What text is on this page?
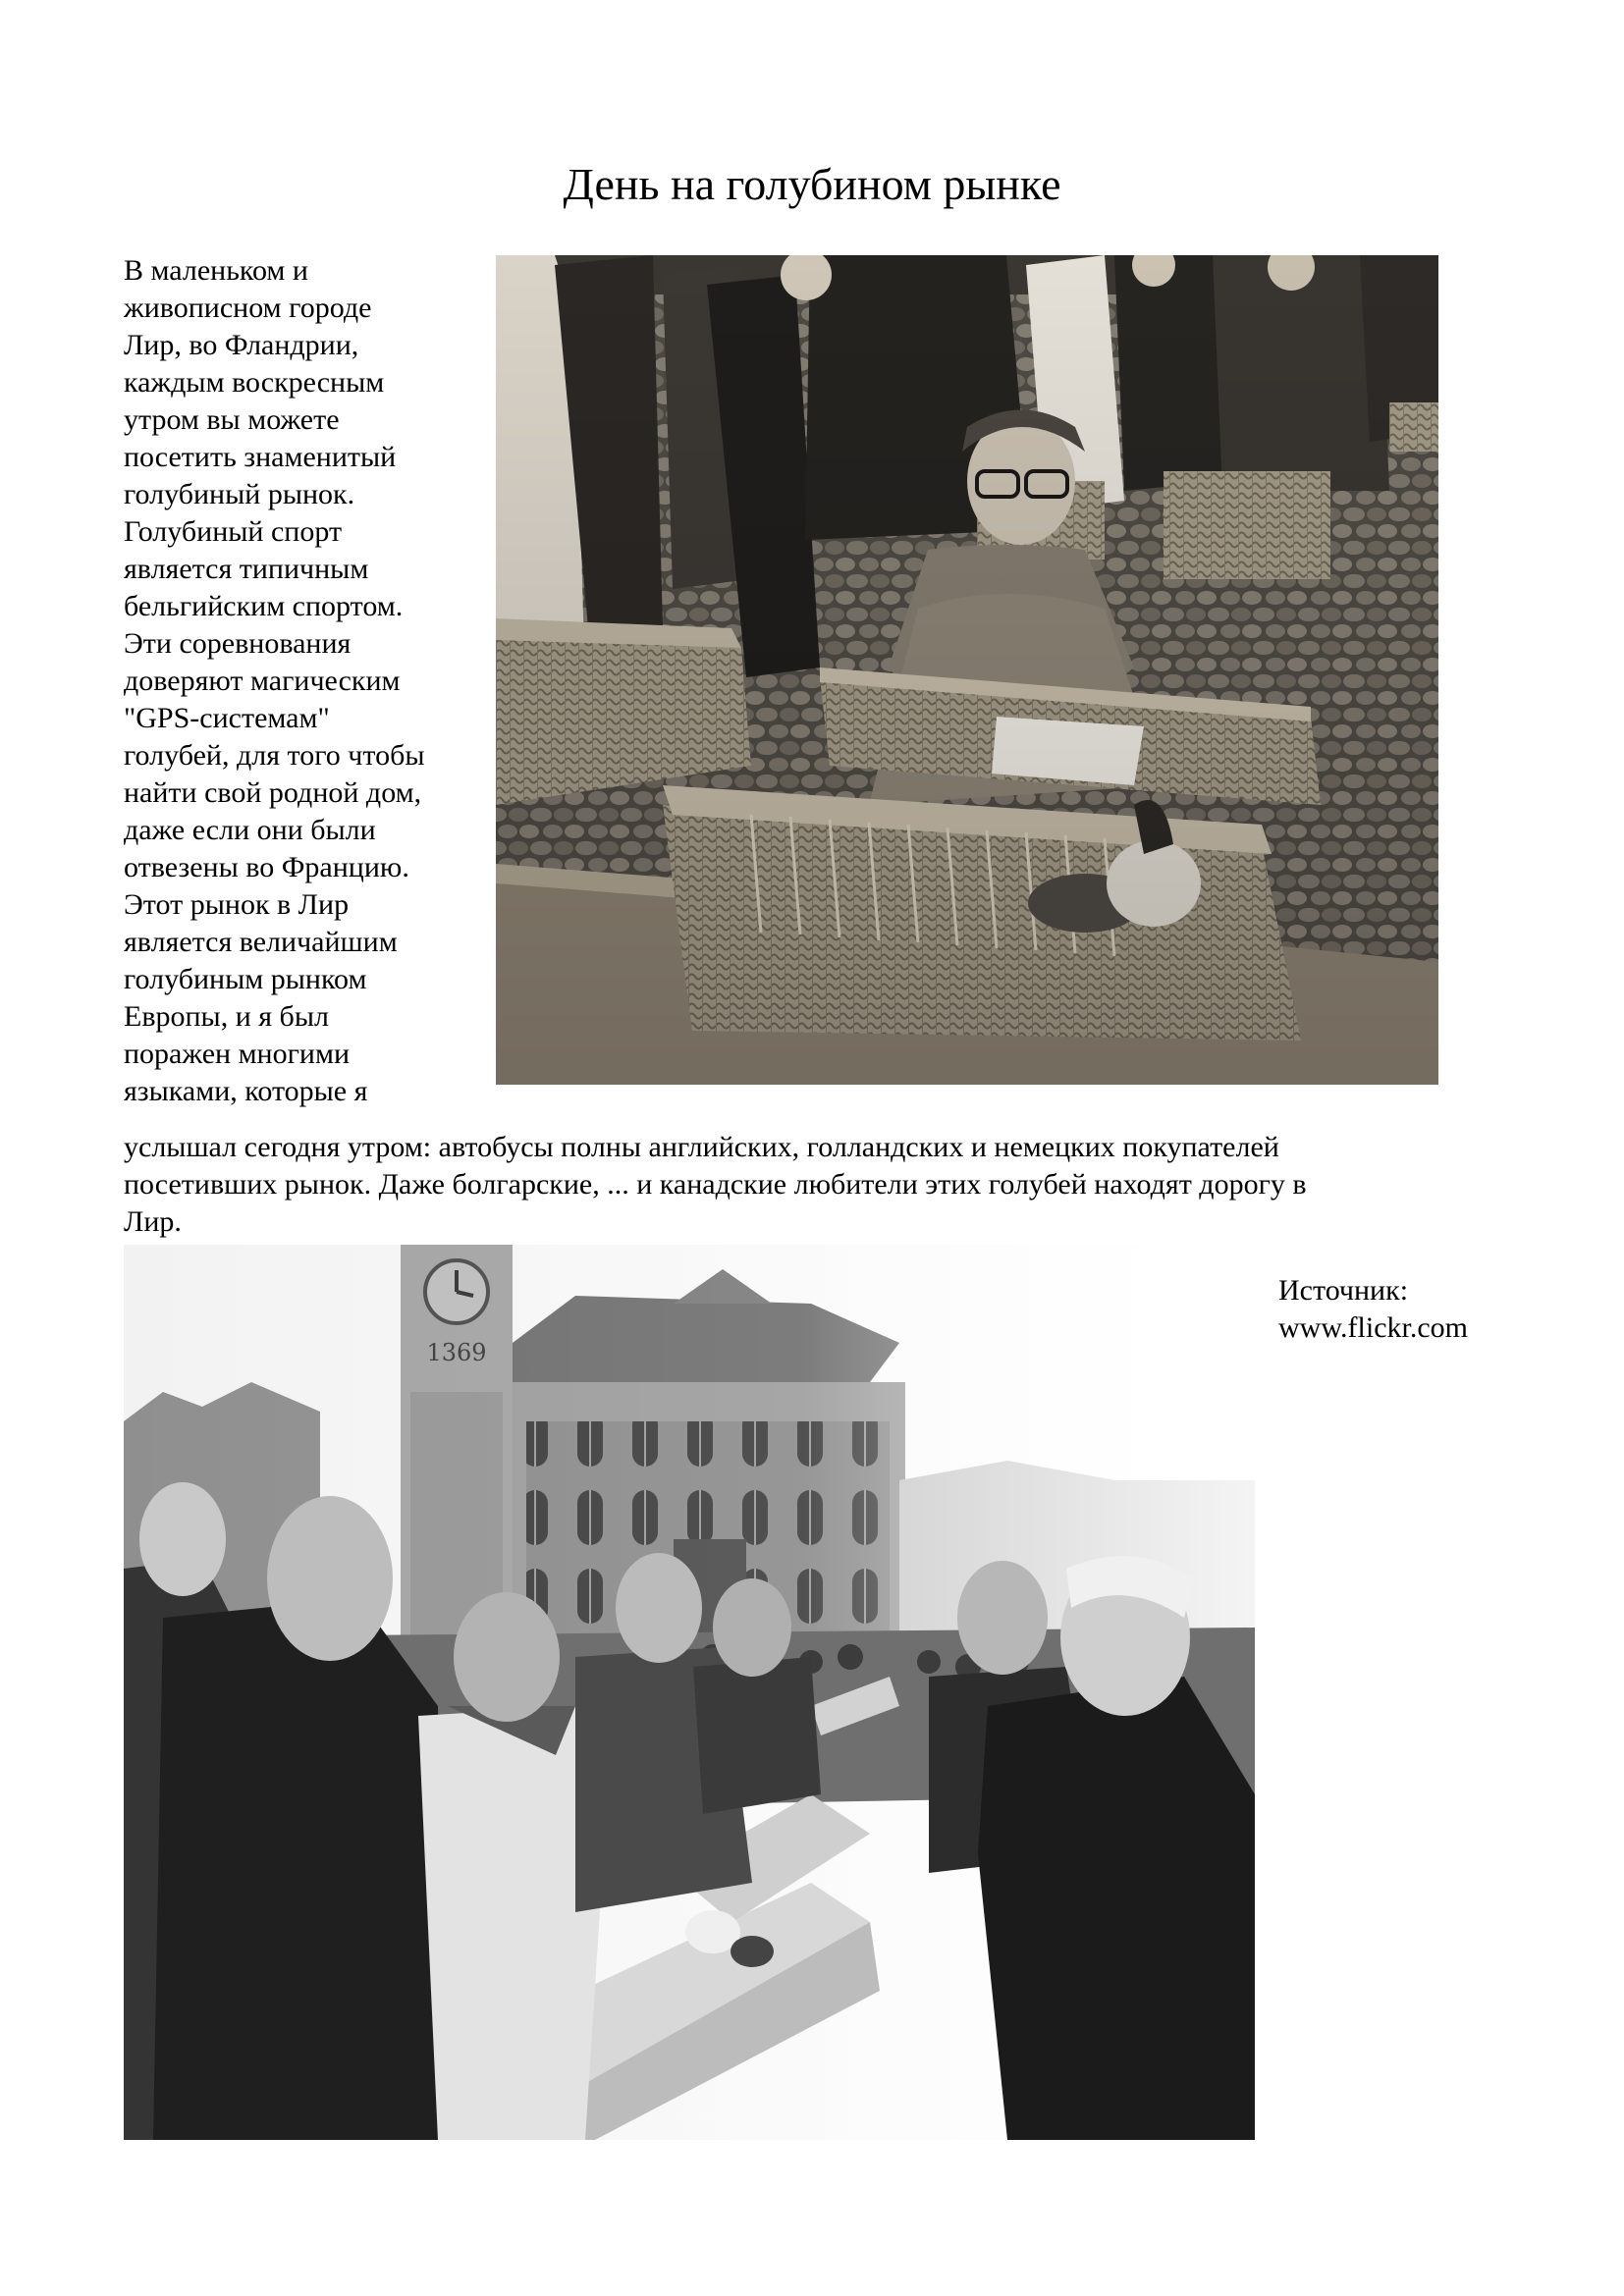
День на голубином рынке
В маленьком и
живописном городе
Лир, во Фландрии,
каждым воскресным
утром вы можете
посетить знаменитый
голубиный рынок.
Голубиный спорт
является типичным
бельгийским спортом.
Эти соревнования
доверяют магическим
"GPS-системам"
голубей, для того чтобы
найти свой родной дом,
даже если они были
отвезены во Францию.
Этот рынок в Лир
является величайшим
голубиным рынком
Европы, и я был
поражен многими
языками, которые я
услышал сегодня утром: автобусы полны английских, голландских и немецких покупателей
посетивших рынок. Даже болгарские, ... и канадские любители этих голубей находят дорогу в
Лир.
Источник:
www.flickr.com
